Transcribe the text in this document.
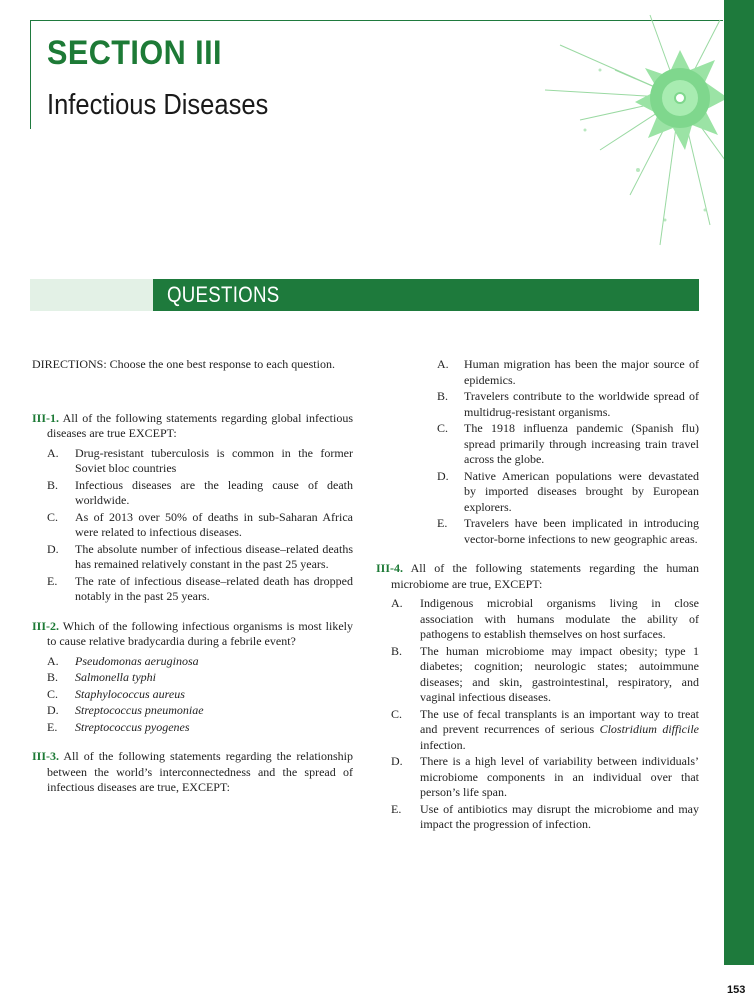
SECTION III
Infectious Diseases
QUESTIONS

DIRECTIONS: Choose the one best response to each question.

III-1. All of the following statements regarding global infectious diseases are true EXCEPT:
A. Drug-resistant tuberculosis is common in the former Soviet bloc countries
B. Infectious diseases are the leading cause of death worldwide.
C. As of 2013 over 50% of deaths in sub-Saharan Africa were related to infectious diseases.
D. The absolute number of infectious disease–related deaths has remained relatively constant in the past 25 years.
E. The rate of infectious disease–related death has dropped notably in the past 25 years.
III-2. Which of the following infectious organisms is most likely to cause relative bradycardia during a febrile event?
A. Pseudomonas aeruginosa
B. Salmonella typhi
C. Staphylococcus aureus
D. Streptococcus pneumoniae
E. Streptococcus pyogenes
III-3. All of the following statements regarding the relationship between the world’s interconnectedness and the spread of infectious diseases are true, EXCEPT:
A. Human migration has been the major source of epidemics.
B. Travelers contribute to the worldwide spread of multidrug-resistant organisms.
C. The 1918 influenza pandemic (Spanish flu) spread primarily through increasing train travel across the globe.
D. Native American populations were devastated by imported diseases brought by European explorers.
E. Travelers have been implicated in introducing vector-borne infections to new geographic areas.
III-4. All of the following statements regarding the human microbiome are true, EXCEPT:
A. Indigenous microbial organisms living in close association with humans modulate the ability of pathogens to establish themselves on host surfaces.
B. The human microbiome may impact obesity; type 1 diabetes; cognition; neurologic states; autoimmune diseases; and skin, gastrointestinal, respiratory, and vaginal infectious diseases.
C. The use of fecal transplants is an important way to treat and prevent recurrences of serious Clostridium difficile infection.
D. There is a high level of variability between individuals’ microbiome components in an individual over that person’s life span.
E. Use of antibiotics may disrupt the microbiome and may impact the progression of infection.
153
